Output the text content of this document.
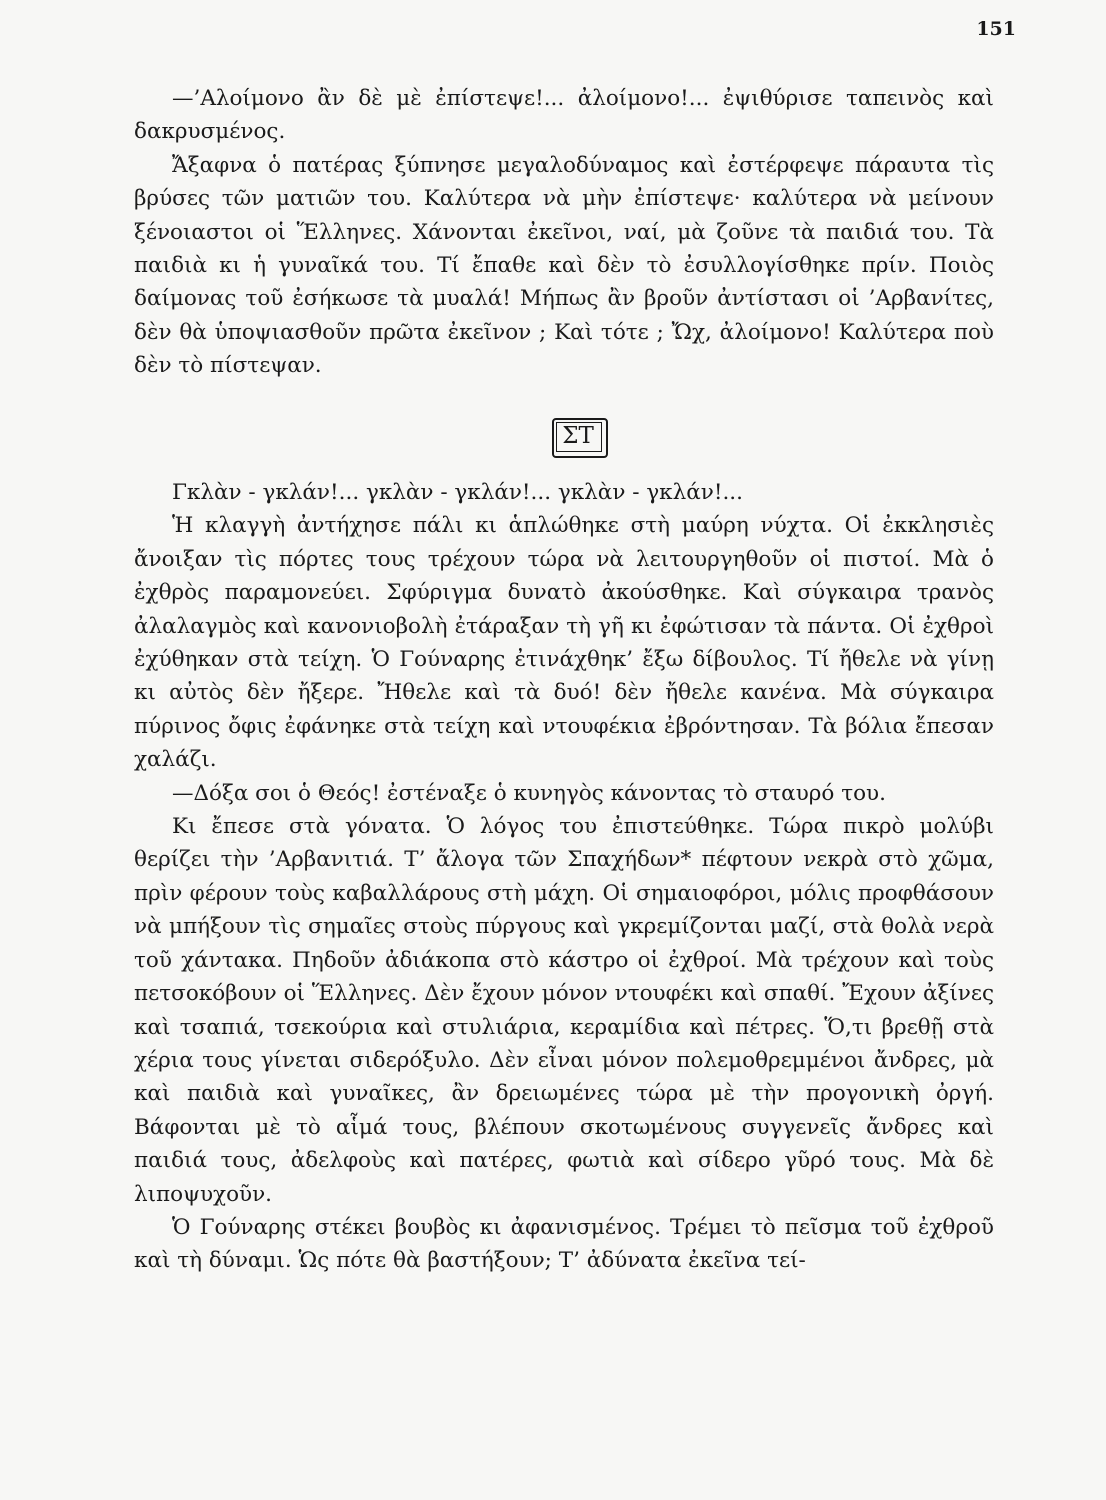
151

—’Αλοίμονο ἂν δὲ μὲ ἐπίστεψε!... ἀλοίμονο!... ἐψιθύρισε ταπεινὸς καὶ δακρυσμένος.

Ἄξαφνα ὁ πατέρας ξύπνησε μεγαλοδύναμος καὶ ἐστέρφεψε πάραυτα τὶς βρύσες τῶν ματιῶν του. Καλύτερα νὰ μὴν ἐπίστεψε· καλύτερα νὰ μείνουν ξένοιαστοι οἱ Ἕλληνες. Χάνονται ἐκεῖνοι, ναί, μὰ ζοῦνε τὰ παιδιά του. Τὰ παιδιὰ κι ἡ γυναῖκά του. Τί ἔπαθε καὶ δὲν τὸ ἐσυλλογίσθηκε πρίν. Ποιὸς δαίμονας τοῦ ἐσήκωσε τὰ μυαλά! Μήπως ἂν βροῦν ἀντίστασι οἱ ’Αρβανίτες, δὲν θὰ ὑποψιασθοῦν πρῶτα ἐκεῖνον ; Καὶ τότε ; Ὤχ, ἀλοίμονο! Καλύτερα ποὺ δὲν τὸ πίστεψαν.

ΣΤ

Γκλὰν - γκλάν!... γκλὰν - γκλάν!... γκλὰν - γκλάν!...

Ἡ κλαγγὴ ἀντήχησε πάλι κι ἁπλώθηκε στὴ μαύρη νύχτα. Οἱ ἐκκλησιὲς ἄνοιξαν τὶς πόρτες τους τρέχουν τώρα νὰ λειτουργηθοῦν οἱ πιστοί. Μὰ ὁ ἐχθρὸς παραμονεύει. Σφύριγμα δυνατὸ ἀκούσθηκε. Καὶ σύγκαιρα τρανὸς ἀλαλαγμὸς καὶ κανονιοβολὴ ἐτάραξαν τὴ γῆ κι ἐφώτισαν τὰ πάντα. Οἱ ἐχθροὶ ἐχύθηκαν στὰ τείχη. Ὁ Γούναρης ἐτινάχθηκ’ ἔξω δίβουλος. Τί ἤθελε νὰ γίνῃ κι αὐτὸς δὲν ἤξερε. Ἤθελε καὶ τὰ δυό! δὲν ἤθελε κανένα. Μὰ σύγκαιρα πύρινος ὄφις ἐφάνηκε στὰ τείχη καὶ ντουφέκια ἐβρόντησαν. Τὰ βόλια ἔπεσαν χαλάζι.

—Δόξα σοι ὁ Θεός! ἐστέναξε ὁ κυνηγὸς κάνοντας τὸ σταυρό του.

Κι ἔπεσε στὰ γόνατα. Ὁ λόγος του ἐπιστεύθηκε. Τώρα πικρὸ μολύβι θερίζει τὴν ’Αρβανιτιά. Τ’ ἄλογα τῶν Σπαχήδων* πέφτουν νεκρὰ στὸ χῶμα, πρὶν φέρουν τοὺς καβαλλάρους στὴ μάχη. Οἱ σημαιοφόροι, μόλις προφθάσουν νὰ μπήξουν τὶς σημαῖες στοὺς πύργους καὶ γκρεμίζονται μαζί, στὰ θολὰ νερὰ τοῦ χάντακα. Πηδοῦν ἀδιάκοπα στὸ κάστρο οἱ ἐχθροί. Μὰ τρέχουν καὶ τοὺς πετσοκόβουν οἱ Ἕλληνες. Δὲν ἔχουν μόνον ντουφέκι καὶ σπαθί. Ἔχουν ἀξίνες καὶ τσαπιά, τσεκούρια καὶ στυλιάρια, κεραμίδια καὶ πέτρες. Ὅ,τι βρεθῇ στὰ χέρια τους γίνεται σιδερόξυλο. Δὲν εἶναι μόνον πολεμοθρεμμένοι ἄνδρες, μὰ καὶ παιδιὰ καὶ γυναῖκες, ἂν δρειωμένες τώρα μὲ τὴν προγονικὴ ὀργή. Βάφονται μὲ τὸ αἷμά τους, βλέπουν σκοτωμένους συγγενεῖς ἄνδρες καὶ παιδιά τους, ἀδελφοὺς καὶ πατέρες, φωτιὰ καὶ σίδερο γῦρό τους. Μὰ δὲ λιποψυχοῦν.

Ὁ Γούναρης στέκει βουβὸς κι ἀφανισμένος. Τρέμει τὸ πεῖσμα τοῦ ἐχθροῦ καὶ τὴ δύναμι. Ὡς πότε θὰ βαστήξουν; Τ’ ἀδύνατα ἐκεῖνα τεί-
